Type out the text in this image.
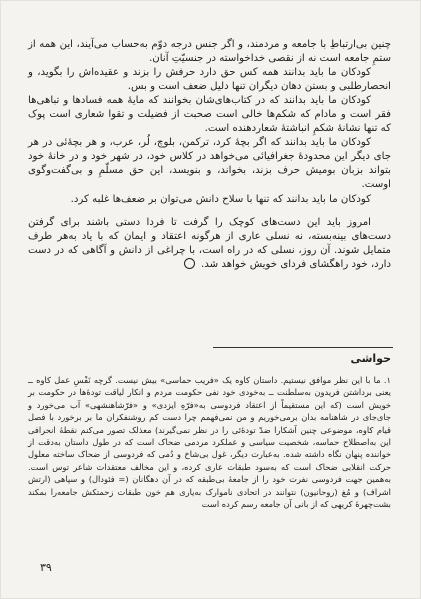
چنین بی‌ارتباطِ با جامعه و مردمند، و اگر جنس درجه دوّم به‌حساب می‌آیند، این همه از ستمِ جامعه است نه از نقصی خداخواسته در جنسیّتِ آنان.

کودکان ما باید بدانند همه کس حق دارد حرفش را بزند و عقیده‌اش را بگوید، و انحصارطلبی و بستن دهان دیگران تنها دلیل ضعف است و بس.

کودکان ما باید بدانند که در کتاب‌های‌شان بخوانند که مایهٔ همه فسادها و تباهی‌ها فقر است و مادام که شکم‌ها خالی است صحبت از فضیلت و تقوا شعاری است پوک که تنها نشانهٔ شکمِ انباشتهٔ شعاردهنده است.

کودکان ما باید بدانند که اگر بچهٔ کرد، ترکمن، بلوچ، لُر، عرب، و هر بچهٔ‌ئی در هر جای دیگر این محدودهٔ جغرافیائی می‌خواهد در کلاس خود، در شهر خود و در خانهٔ خود بتواند بزبان بومیش حرف بزند، بخواند، و بنویسد، این حق مسلّمِ و بی‌گفت‌وگوی اوست.

کودکان ما باید بدانند که تنها با سلاح دانش می‌توان بر ضعف‌ها غلبه کرد.

امروز باید این دست‌های کوچک را گرفت تا فردا دستی باشند برای گرفتن دست‌های بینه‌بسته، نه نسلی عاری از هرگونه اعتقاد و ایمان که با یاد به‌هر طرف متمایل شوند. آن روز، نسلی که در راه است، با چراغی از دانش و آگاهی که در دست دارد، خود راهگشای فردای خویش خواهد شد.

حواشی

۱. ما با این نظر موافق نیستیم. داستان کاوه یک «فریب حماسی» بیش نیست. گرچه نَفْسِ عمل کاوه ــ یعنی برداشتن فریدون به‌سلطنت ــ به‌خودی خود نفی حکومت مردم و انکار لیاقت تودهٔ‌ها در حکومت بر خویش است (که این مستقیماً از اعتقاد فردوسی به«فرّهِ ایزدی» و «فرّشاهنشهی» آب می‌خورد و جای‌جای در شاهنامه بدان برمی‌خوریم و من نمی‌فهمم چرا دست کم روشنفکران ما بر برخورد با فصل قیام کاوه، موضوعی چنین آشکارا ضدّ تودهٔ‌ئی را در نظر نمی‌گیرند) معذلک تصور می‌کنم نقطهٔ انحرافی این به‌اصطلاح حماسه، شخصیت سیاسی و عملکرد مردمی ضحاک است که در طول داستان به‌دقت از خواننده پنهان نگاه داشته شده. به‌عبارت دیگر، غول بی‌شاخ و دُمی که فردوسی از ضحاک ساخته معلول حرکت انقلابی ضحاک است که به‌سود طبقات عاری کرده، و این مخالف معتقدات شاعر توس است. به‌همین جهت فردوسی نفرت خود را از جامعهٔ بی‌طبقه که در آن دهگانان (= فئودال) و سپاهی (ارتش اشراف) و مُغ (روحانیون) نتوانند در اتحادی ناموارک به‌یاری هم خون طبقات زحمتکش جامعه‌را بمکند بشت‌چهرهٔ کریهی که از بانی آن جامعه رسم کرده است

۳۹
